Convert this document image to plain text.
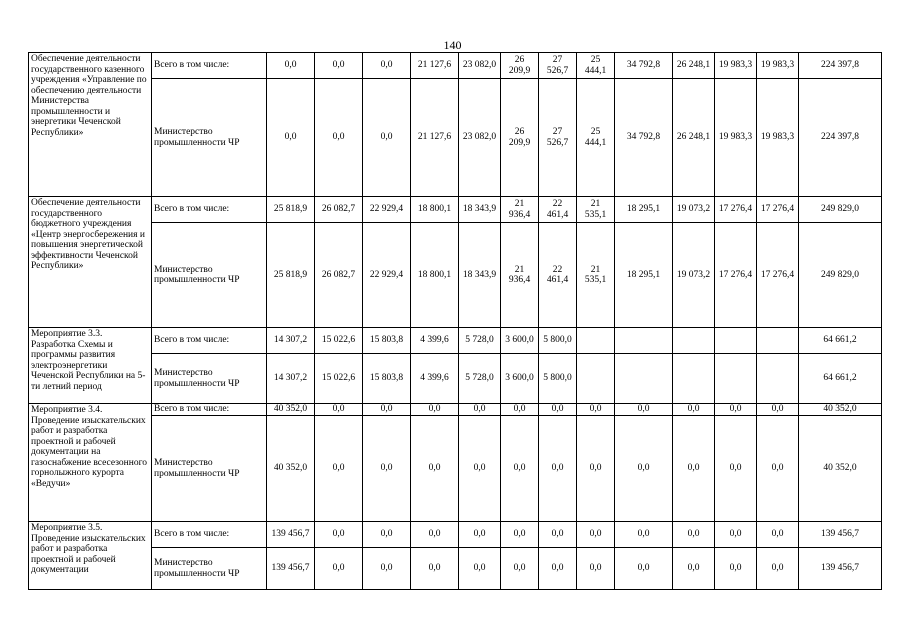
140
Обеспечение деятельности государственного казенного учреждения «Управление по обеспечению деятельности Министерства промышленности и энергетики Чеченской Республики»	Всего в том числе:	0,0	0,0	0,0	21 127,6	23 082,0	26 209,9	27 526,7	25 444,1	34 792,8	26 248,1	19 983,3	19 983,3	224 397,8
	Министерство промышленности ЧР	0,0	0,0	0,0	21 127,6	23 082,0	26 209,9	27 526,7	25 444,1	34 792,8	26 248,1	19 983,3	19 983,3	224 397,8
Обеспечение деятельности государственного бюджетного учреждения «Центр энергосбережения и повышения энергетической эффективности Чеченской Республики»	Всего в том числе:	25 818,9	26 082,7	22 929,4	18 800,1	18 343,9	21 936,4	22 461,4	21 535,1	18 295,1	19 073,2	17 276,4	17 276,4	249 829,0
	Министерство промышленности ЧР	25 818,9	26 082,7	22 929,4	18 800,1	18 343,9	21 936,4	22 461,4	21 535,1	18 295,1	19 073,2	17 276,4	17 276,4	249 829,0
Мероприятие 3.3. Разработка Схемы и программы развития электроэнергетики Чеченской Республики на 5-ти летний период	Всего в том числе:	14 307,2	15 022,6	15 803,8	4 399,6	5 728,0	3 600,0	5 800,0						64 661,2
	Министерство промышленности ЧР	14 307,2	15 022,6	15 803,8	4 399,6	5 728,0	3 600,0	5 800,0						64 661,2
Мероприятие 3.4. Проведение изыскательских работ и разработка проектной и рабочей документации на газоснабжение всесезонного горнолыжного курорта «Ведучи»	Всего в том числе:	40 352,0	0,0	0,0	0,0	0,0	0,0	0,0	0,0	0,0	0,0	0,0	0,0	40 352,0
	Министерство промышленности ЧР	40 352,0	0,0	0,0	0,0	0,0	0,0	0,0	0,0	0,0	0,0	0,0	0,0	40 352,0
Мероприятие 3.5. Проведение изыскательских работ и разработка проектной и рабочей документации	Всего в том числе:	139 456,7	0,0	0,0	0,0	0,0	0,0	0,0	0,0	0,0	0,0	0,0	0,0	139 456,7
	Министерство промышленности ЧР	139 456,7	0,0	0,0	0,0	0,0	0,0	0,0	0,0	0,0	0,0	0,0	0,0	139 456,7
